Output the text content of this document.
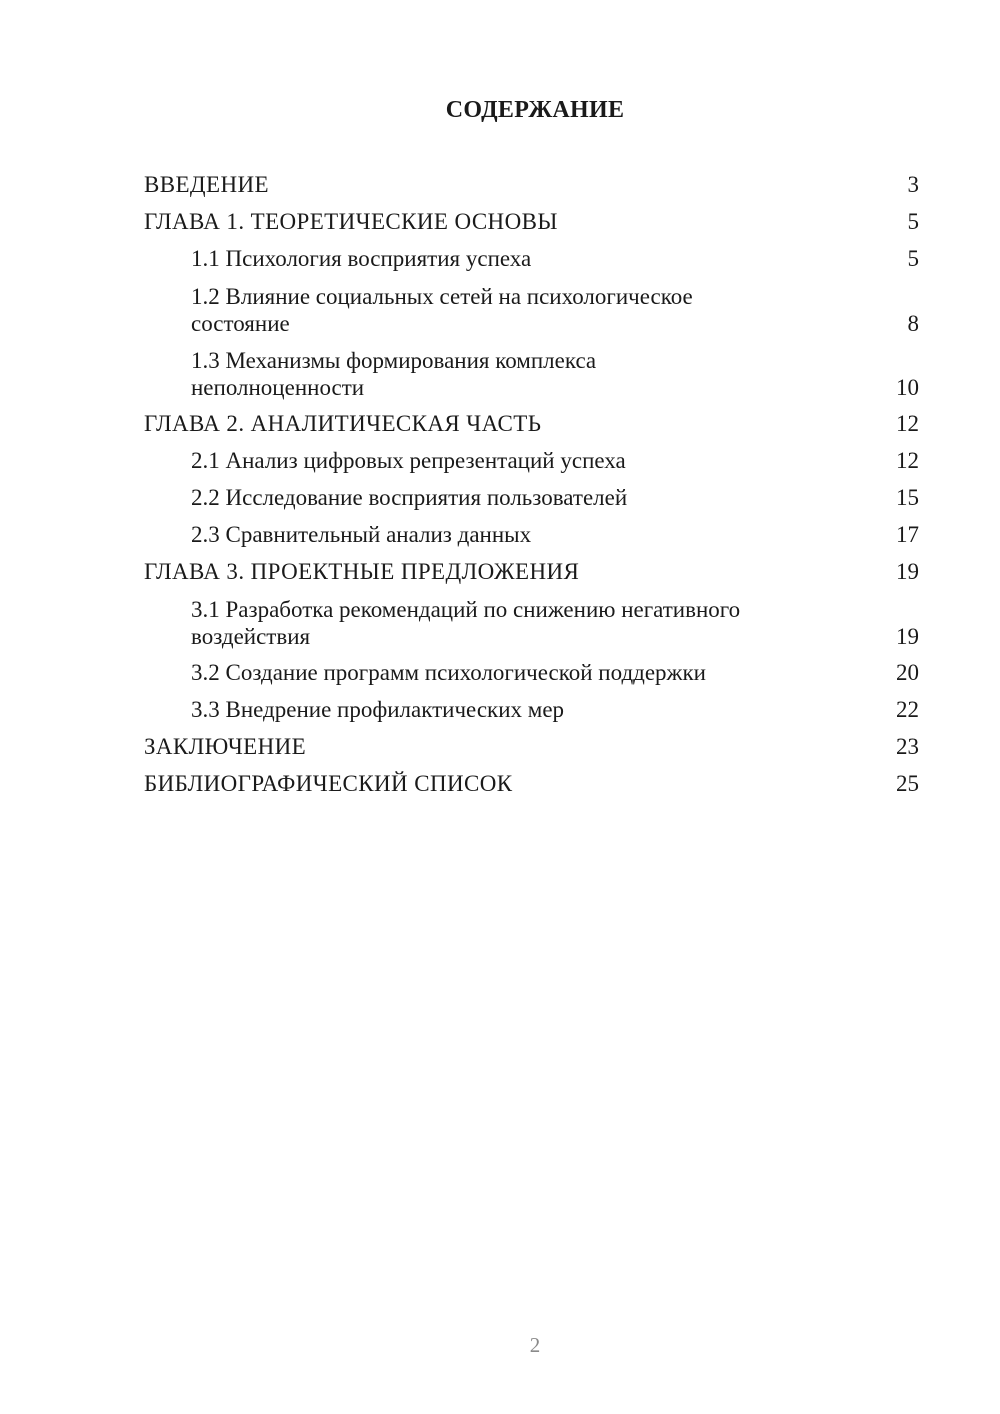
СОДЕРЖАНИЕ
ВВЕДЕНИЕ	3
ГЛАВА 1. ТЕОРЕТИЧЕСКИЕ ОСНОВЫ	5
1.1 Психология восприятия успеха	5
1.2 Влияние социальных сетей на психологическое
состояние	8
1.3 Механизмы формирования комплекса
неполноценности	10
ГЛАВА 2. АНАЛИТИЧЕСКАЯ ЧАСТЬ	12
2.1 Анализ цифровых репрезентаций успеха	12
2.2 Исследование восприятия пользователей	15
2.3 Сравнительный анализ данных	17
ГЛАВА 3. ПРОЕКТНЫЕ ПРЕДЛОЖЕНИЯ	19
3.1 Разработка рекомендаций по снижению негативного
воздействия	19
3.2 Создание программ психологической поддержки	20
3.3 Внедрение профилактических мер	22
ЗАКЛЮЧЕНИЕ	23
БИБЛИОГРАФИЧЕСКИЙ СПИСОК	25
2
